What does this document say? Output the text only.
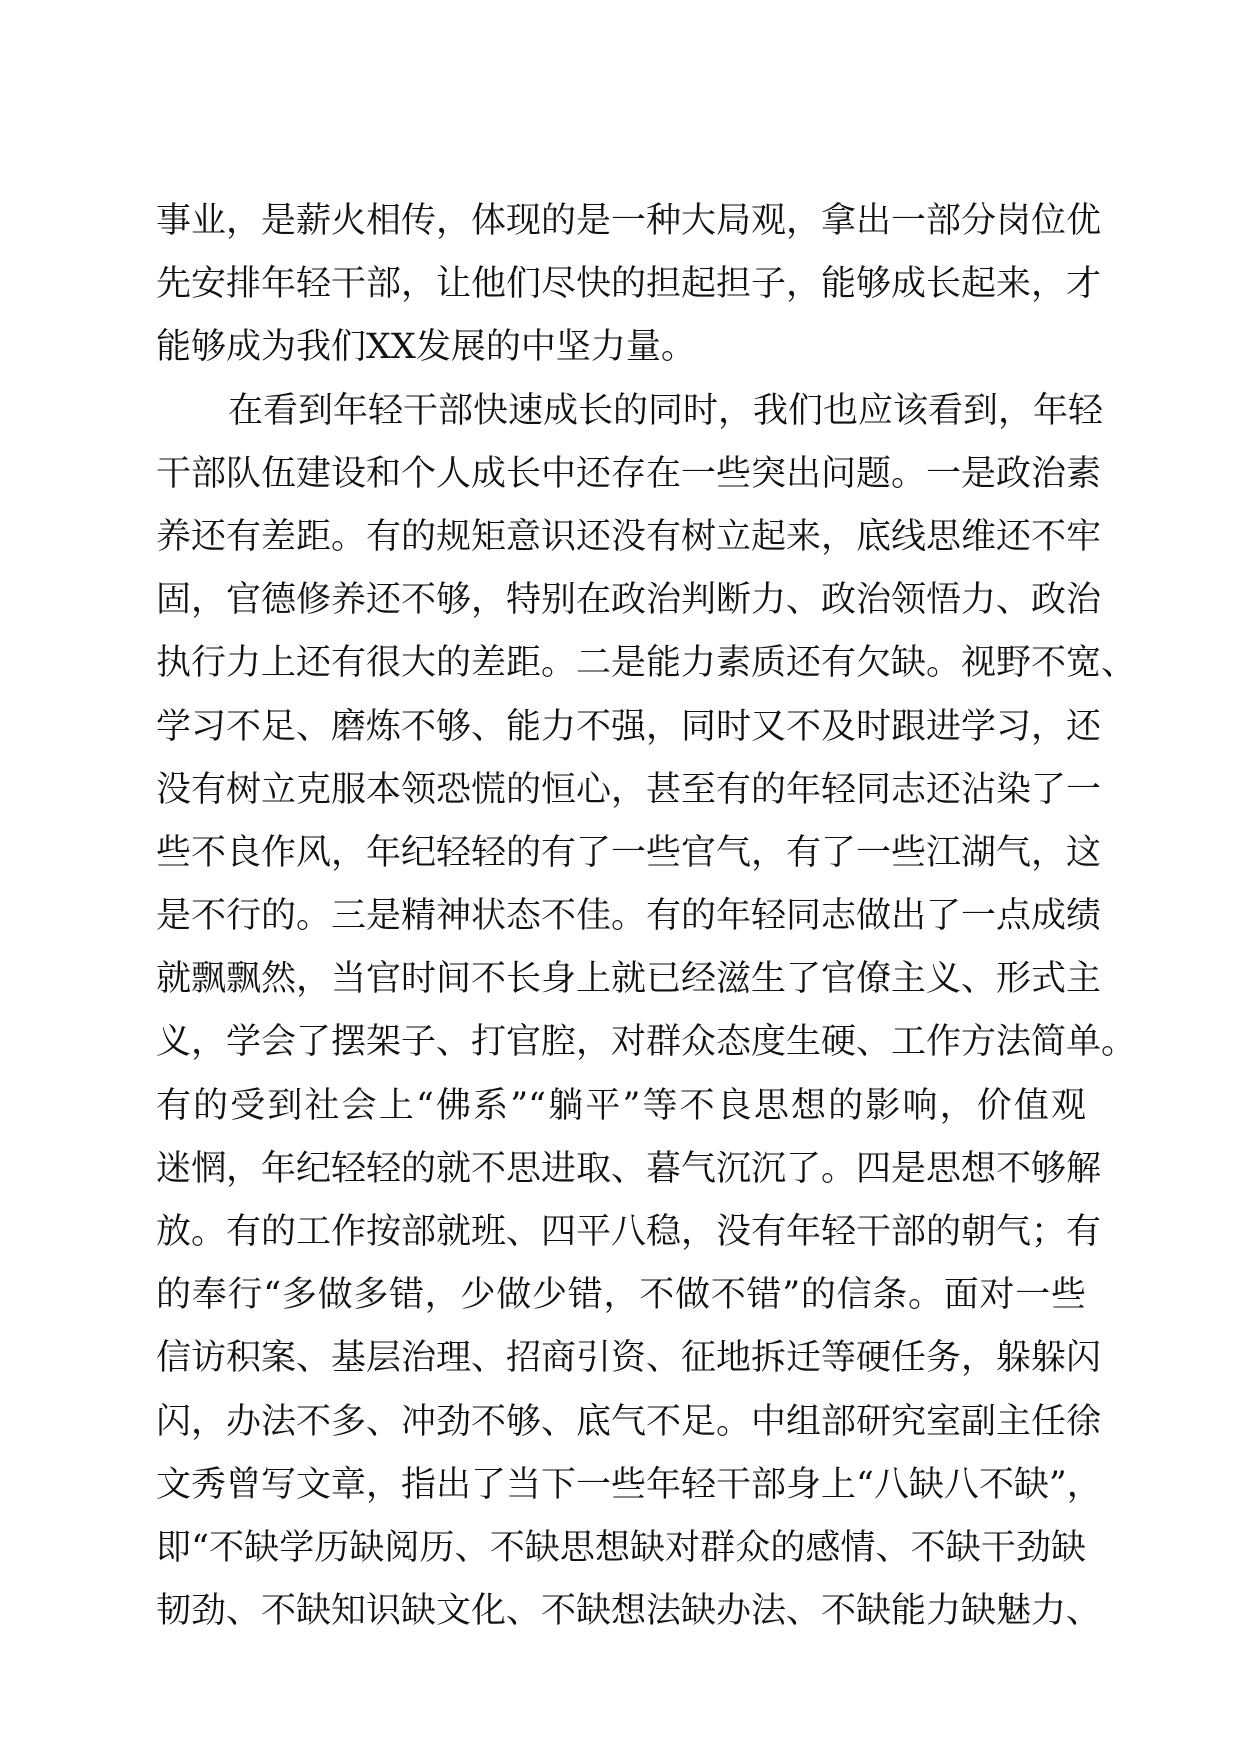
事业，是薪火相传，体现的是一种大局观，拿出一部分岗位优
先安排年轻干部，让他们尽快的担起担子，能够成长起来，才
能够成为我们XX发展的中坚力量。
在看到年轻干部快速成长的同时，我们也应该看到，年轻
干部队伍建设和个人成长中还存在一些突出问题。一是政治素
养还有差距。有的规矩意识还没有树立起来，底线思维还不牢
固，官德修养还不够，特别在政治判断力、政治领悟力、政治
执行力上还有很大的差距。二是能力素质还有欠缺。视野不宽、
学习不足、磨炼不够、能力不强，同时又不及时跟进学习，还
没有树立克服本领恐慌的恒心，甚至有的年轻同志还沾染了一
些不良作风，年纪轻轻的有了一些官气，有了一些江湖气，这
是不行的。三是精神状态不佳。有的年轻同志做出了一点成绩
就飘飘然，当官时间不长身上就已经滋生了官僚主义、形式主
义，学会了摆架子、打官腔，对群众态度生硬、工作方法简单。
有的受到社会上“佛系”“躺平”等不良思想的影响，价值观
迷惘，年纪轻轻的就不思进取、暮气沉沉了。四是思想不够解
放。有的工作按部就班、四平八稳，没有年轻干部的朝气；有
的奉行“多做多错，少做少错，不做不错”的信条。面对一些
信访积案、基层治理、招商引资、征地拆迁等硬任务，躲躲闪
闪，办法不多、冲劲不够、底气不足。中组部研究室副主任徐
文秀曾写文章，指出了当下一些年轻干部身上“八缺八不缺”，
即“不缺学历缺阅历、不缺思想缺对群众的感情、不缺干劲缺
韧劲、不缺知识缺文化、不缺想法缺办法、不缺能力缺魅力、
